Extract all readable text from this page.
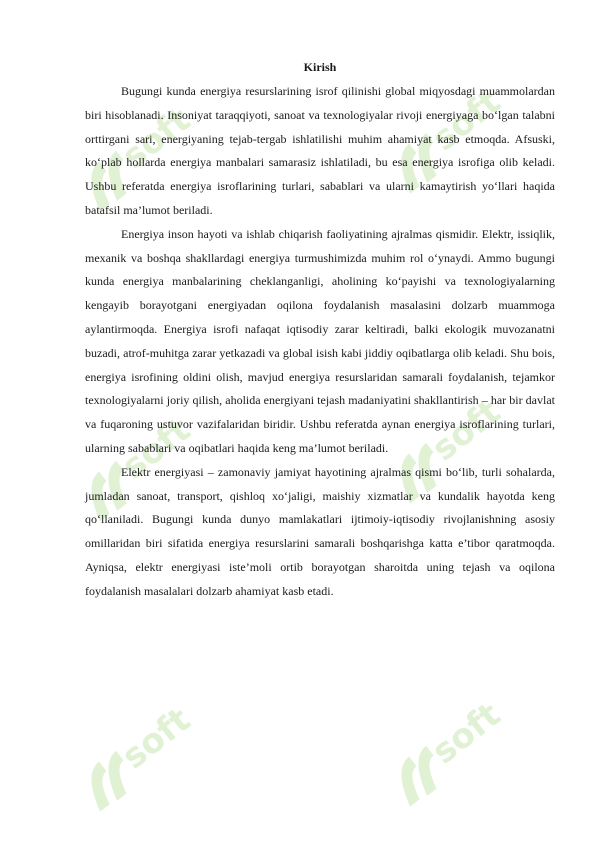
soft	soft
soft	soft
soft	soft
Kirish

Bugungi kunda energiya resurslarining isrof qilinishi global miqyosdagi muammolardan biri hisoblanadi. Insoniyat taraqqiyoti, sanoat va texnologiyalar rivoji energiyaga bo‘lgan talabni orttirgani sari, energiyaning tejab-tergab ishlatilishi muhim ahamiyat kasb etmoqda. Afsuski, ko‘plab hollarda energiya manbalari samarasiz ishlatiladi, bu esa energiya isrofiga olib keladi. Ushbu referatda energiya isroflarining turlari, sabablari va ularni kamaytirish yo‘llari haqida batafsil ma’lumot beriladi.

Energiya inson hayoti va ishlab chiqarish faoliyatining ajralmas qismidir. Elektr, issiqlik, mexanik va boshqa shakllardagi energiya turmushimizda muhim rol o‘ynaydi. Ammo bugungi kunda energiya manbalarining cheklanganligi, aholining ko‘payishi va texnologiyalarning kengayib borayotgani energiyadan oqilona foydalanish masalasini dolzarb muammoga aylantirmoqda. Energiya isrofi nafaqat iqtisodiy zarar keltiradi, balki ekologik muvozanatni buzadi, atrof-muhitga zarar yetkazadi va global isish kabi jiddiy oqibatlarga olib keladi. Shu bois, energiya isrofining oldini olish, mavjud energiya resurslaridan samarali foydalanish, tejamkor texnologiyalarni joriy qilish, aholida energiyani tejash madaniyatini shakllantirish – har bir davlat va fuqaroning ustuvor vazifalaridan biridir. Ushbu referatda aynan energiya isroflarining turlari, ularning sabablari va oqibatlari haqida keng ma’lumot beriladi.

Elektr energiyasi – zamonaviy jamiyat hayotining ajralmas qismi bo‘lib, turli sohalarda, jumladan sanoat, transport, qishloq xo‘jaligi, maishiy xizmatlar va kundalik hayotda keng qo‘llaniladi. Bugungi kunda dunyo mamlakatlari ijtimoiy-iqtisodiy rivojlanishning asosiy omillaridan biri sifatida energiya resurslarini samarali boshqarishga katta e’tibor qaratmoqda. Ayniqsa, elektr energiyasi iste’moli ortib borayotgan sharoitda uning tejash va oqilona foydalanish masalalari dolzarb ahamiyat kasb etadi.
